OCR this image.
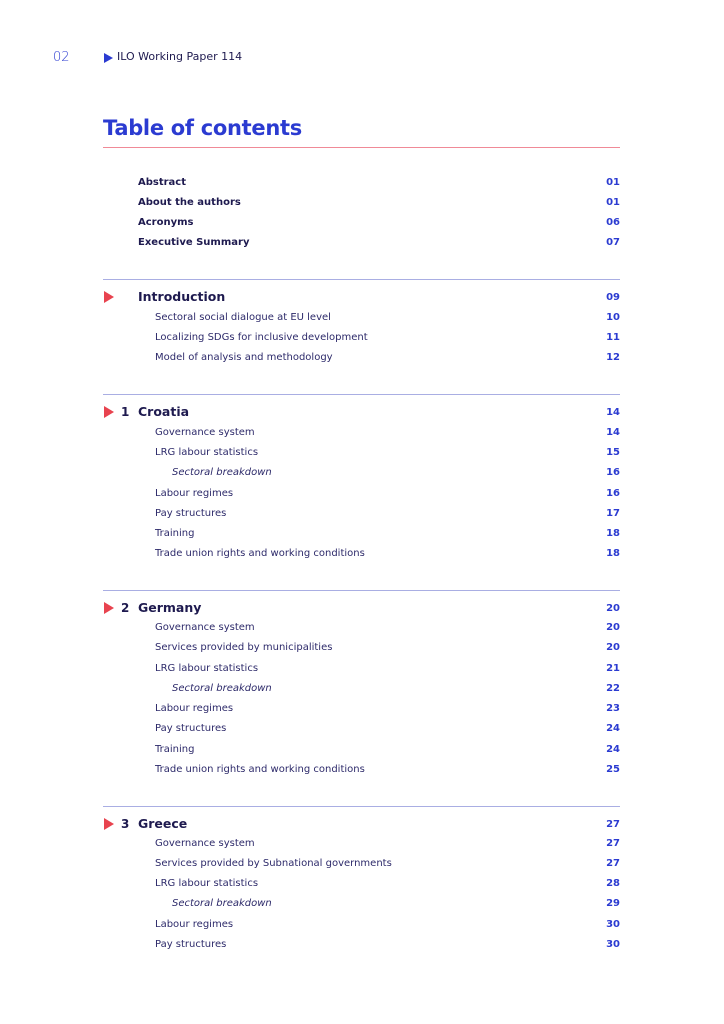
02	ILO Working Paper 114
Table of contents
Abstract	01
About the authors	01
Acronyms	06
Executive Summary	07
Introduction	09
Sectoral social dialogue at EU level	10
Localizing SDGs for inclusive development	11
Model of analysis and methodology	12
1 Croatia	14
Governance system	14
LRG labour statistics	15
Sectoral breakdown	16
Labour regimes	16
Pay structures	17
Training	18
Trade union rights and working conditions	18
2 Germany	20
Governance system	20
Services provided by municipalities	20
LRG labour statistics	21
Sectoral breakdown	22
Labour regimes	23
Pay structures	24
Training	24
Trade union rights and working conditions	25
3 Greece	27
Governance system	27
Services provided by Subnational governments	27
LRG labour statistics	28
Sectoral breakdown	29
Labour regimes	30
Pay structures	30
